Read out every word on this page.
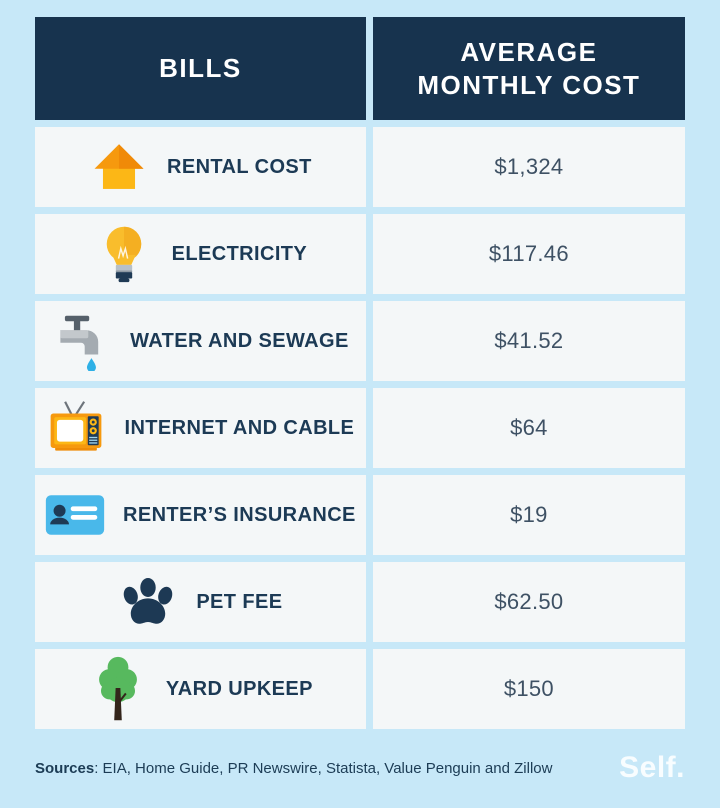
BILLS
AVERAGE MONTHLY COST
RENTAL COST	$1,324
ELECTRICITY	$117.46
WATER AND SEWAGE	$41.52
INTERNET AND CABLE	$64
RENTER’S INSURANCE	$19
PET FEE	$62.50
YARD UPKEEP	$150

Sources: EIA, Home Guide, PR Newswire, Statista, Value Penguin and Zillow Self.
